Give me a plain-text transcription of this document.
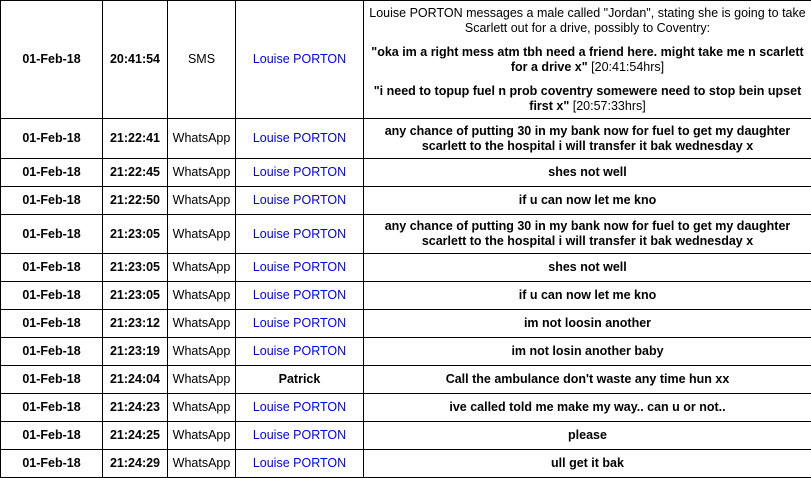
01-Feb-18	20:41:54	SMS	Louise PORTON	Louise PORTON messages a male called "Jordan", stating she is going to take Scarlett out for a drive, possibly to Coventry:
"oka im a right mess atm tbh need a friend here. might take me n scarlett for a drive x" [20:41:54hrs]
"i need to topup fuel n prob coventry somewere need to stop bein upset first x" [20:57:33hrs]

01-Feb-18	21:22:41	WhatsApp	Louise PORTON	any chance of putting 30 in my bank now for fuel to get my daughter scarlett to the hospital i will transfer it bak wednesday x
01-Feb-18	21:22:45	WhatsApp	Louise PORTON	shes not well
01-Feb-18	21:22:50	WhatsApp	Louise PORTON	if u can now let me kno
01-Feb-18	21:23:05	WhatsApp	Louise PORTON	any chance of putting 30 in my bank now for fuel to get my daughter scarlett to the hospital i will transfer it bak wednesday x
01-Feb-18	21:23:05	WhatsApp	Louise PORTON	shes not well
01-Feb-18	21:23:05	WhatsApp	Louise PORTON	if u can now let me kno
01-Feb-18	21:23:12	WhatsApp	Louise PORTON	im not loosin another
01-Feb-18	21:23:19	WhatsApp	Louise PORTON	im not losin another baby
01-Feb-18	21:24:04	WhatsApp	Patrick	Call the ambulance don't waste any time hun xx
01-Feb-18	21:24:23	WhatsApp	Louise PORTON	ive called told me make my way.. can u or not..
01-Feb-18	21:24:25	WhatsApp	Louise PORTON	please
01-Feb-18	21:24:29	WhatsApp	Louise PORTON	ull get it bak
